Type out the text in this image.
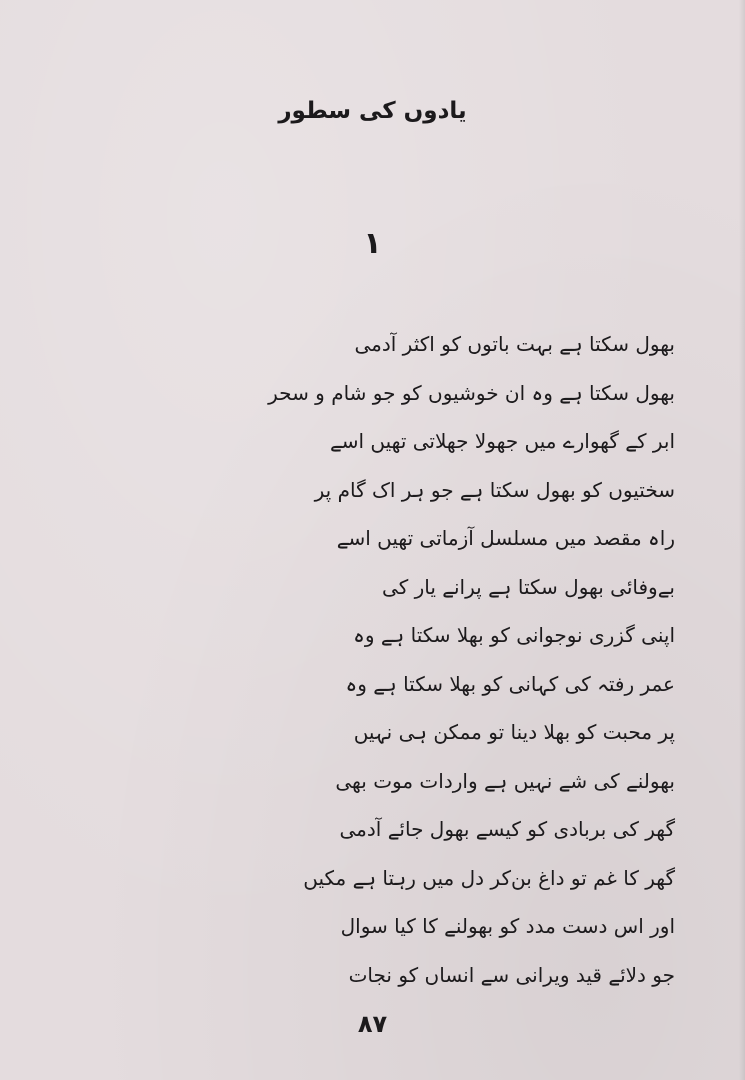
یادوں کی سطور
۱
بھول سکتا ہے بہت باتوں کو اکثر آدمی
بھول سکتا ہے وہ ان خوشیوں کو جو شام و سحر
ابر کے گھوارے میں جھولا جھلاتی تھیں اسے
سختیوں کو بھول سکتا ہے جو ہر اک گام پر
راہ مقصد میں مسلسل آزماتی تھیں اسے
بےوفائی بھول سکتا ہے پرانے یار کی
اپنی گزری نوجوانی کو بھلا سکتا ہے وہ
عمر رفتہ کی کہانی کو بھلا سکتا ہے وہ
پر محبت کو بھلا دینا تو ممکن ہی نہیں
بھولنے کی شے نہیں ہے واردات موت بھی
گھر کی بربادی کو کیسے بھول جائے آدمی
گھر کا غم تو داغ بن‌کر دل میں رہتا ہے مکیں
اور اس دست مدد کو بھولنے کا کیا سوال
جو دلائے قید ویرانی سے انساں کو نجات
۸۷
